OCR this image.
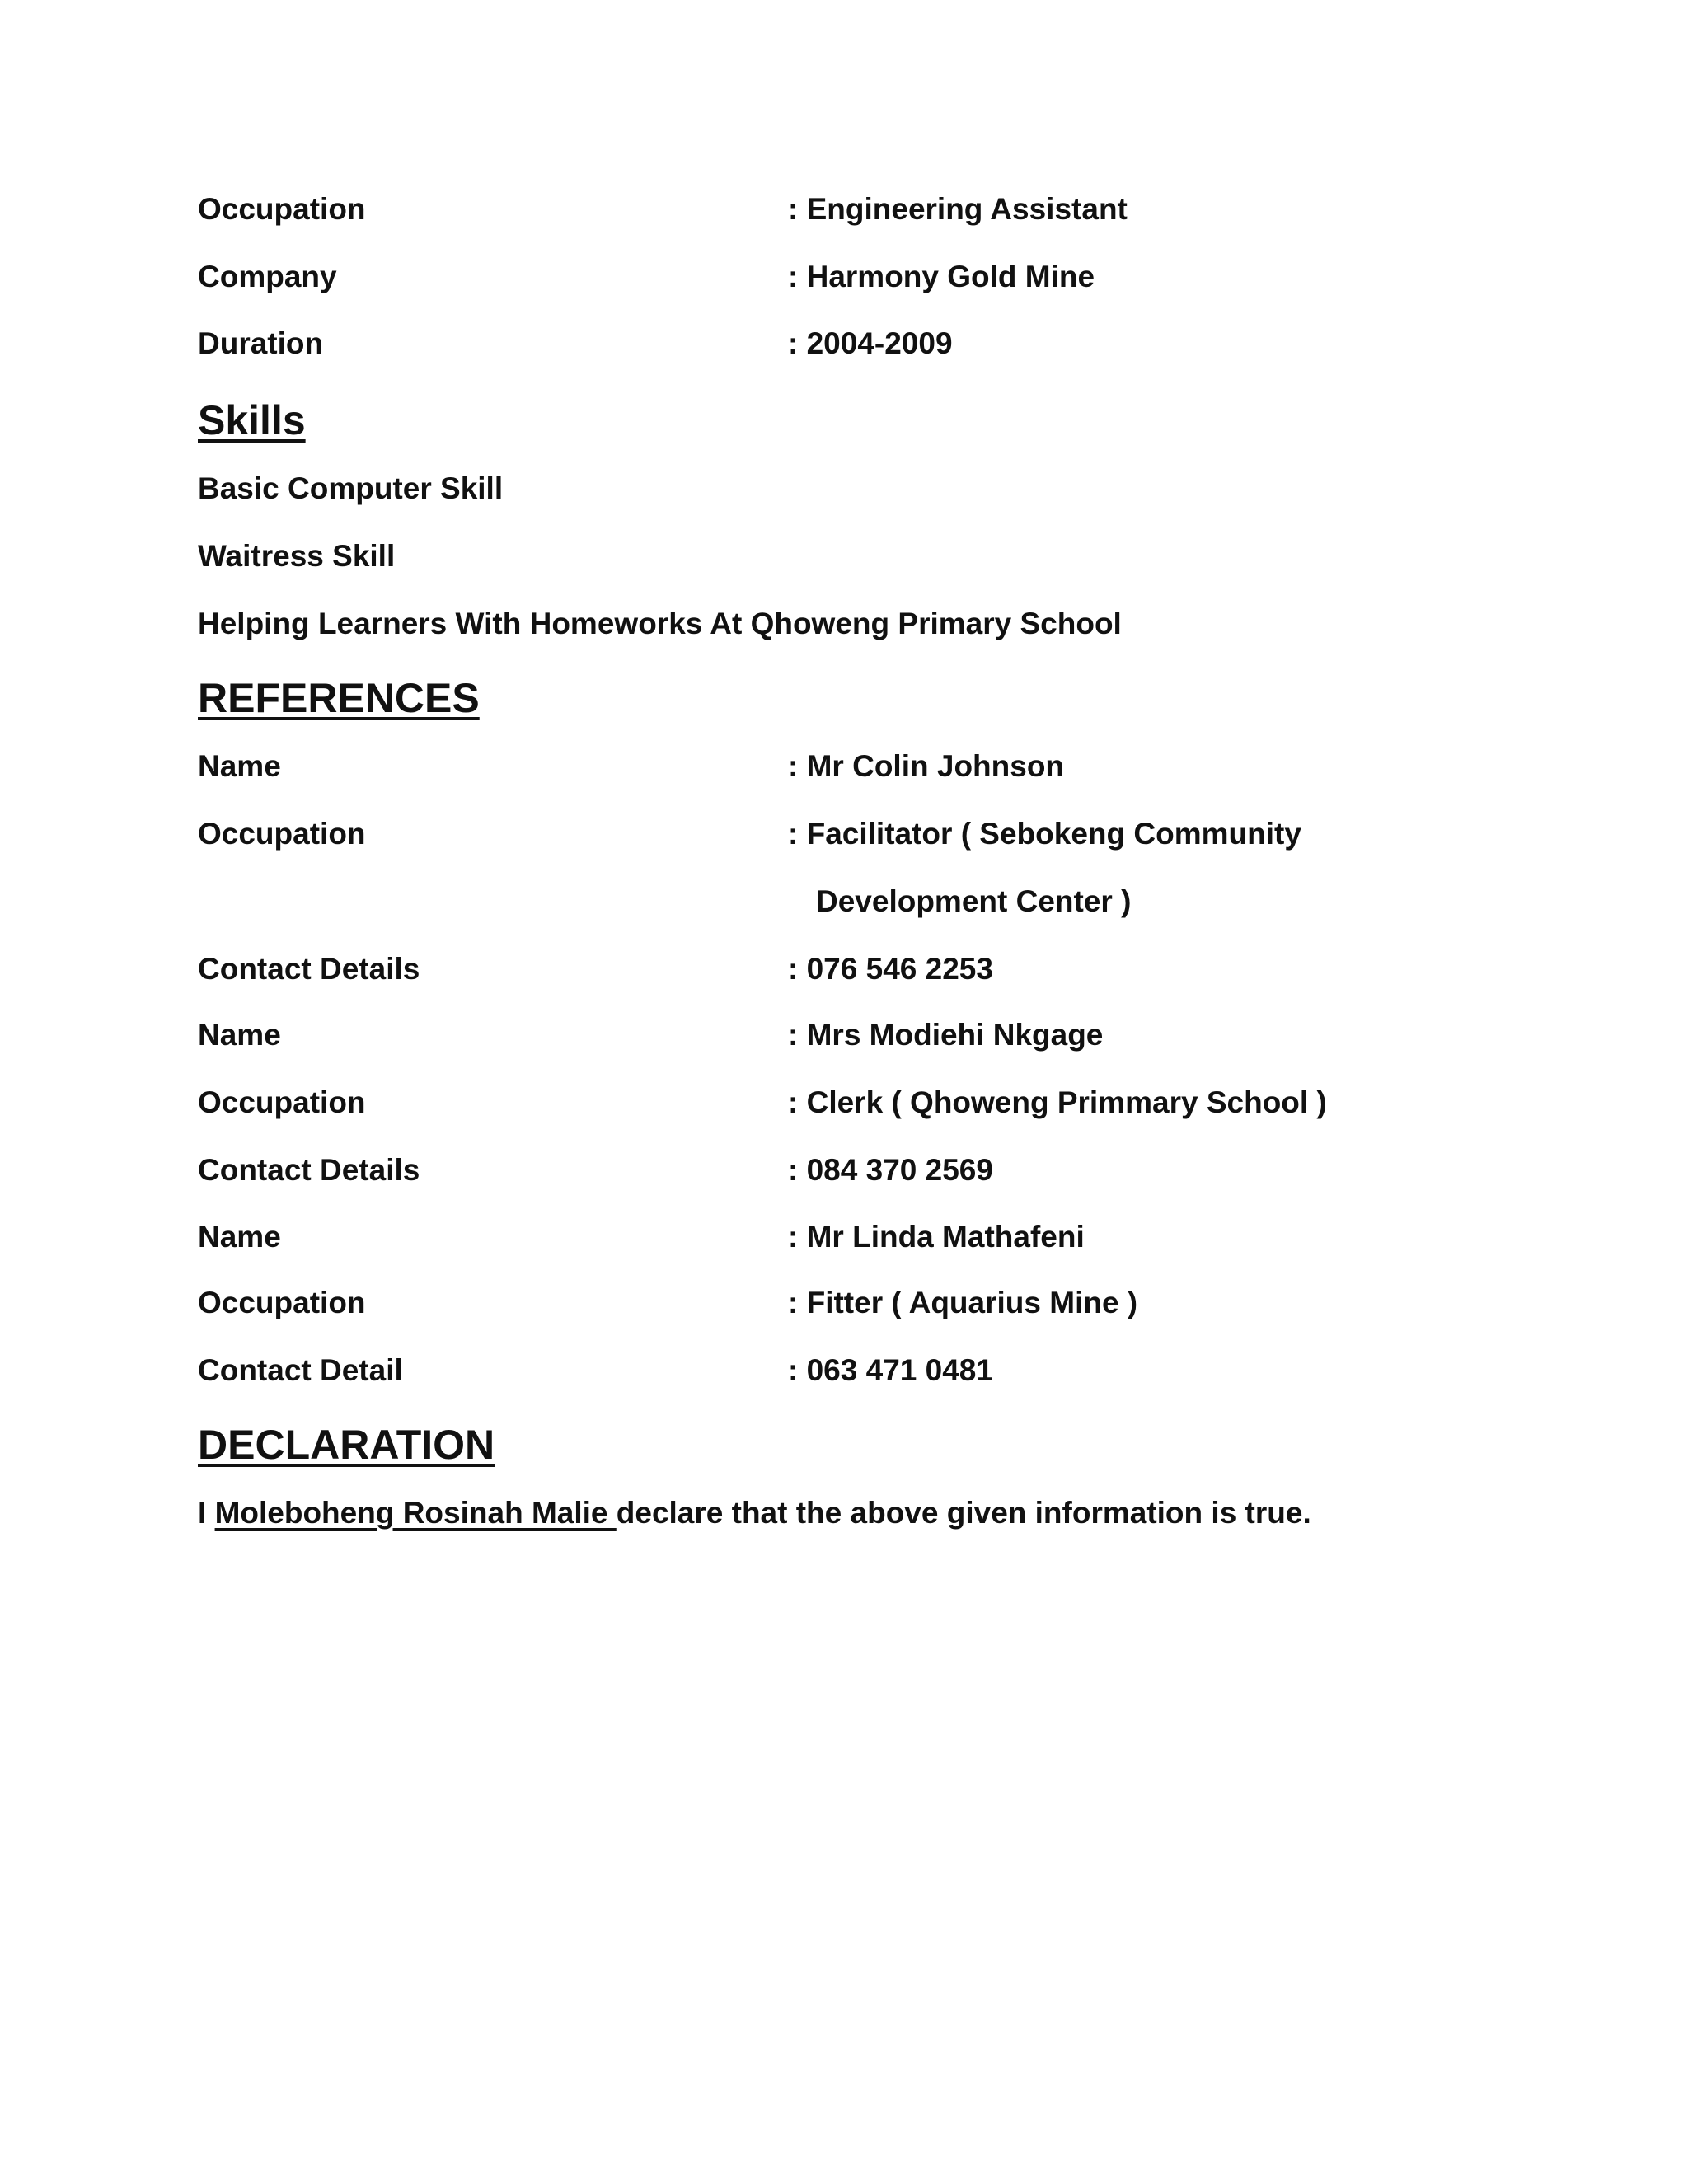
Occupation	: Engineering Assistant
Company	: Harmony Gold Mine
Duration	: 2004-2009
Skills
Basic Computer Skill
Waitress Skill
Helping Learners With Homeworks At Qhoweng Primary School
REFERENCES
Name	: Mr Colin Johnson
Occupation	: Facilitator ( Sebokeng Community
Development Center )
Contact Details	: 076 546 2253
Name	: Mrs Modiehi Nkgage
Occupation	: Clerk ( Qhoweng Primmary School )
Contact Details	: 084 370 2569
Name	: Mr Linda Mathafeni
Occupation	: Fitter ( Aquarius Mine )
Contact Detail	: 063 471 0481
DECLARATION
I Moleboheng Rosinah Malie declare that the above given information is true.
